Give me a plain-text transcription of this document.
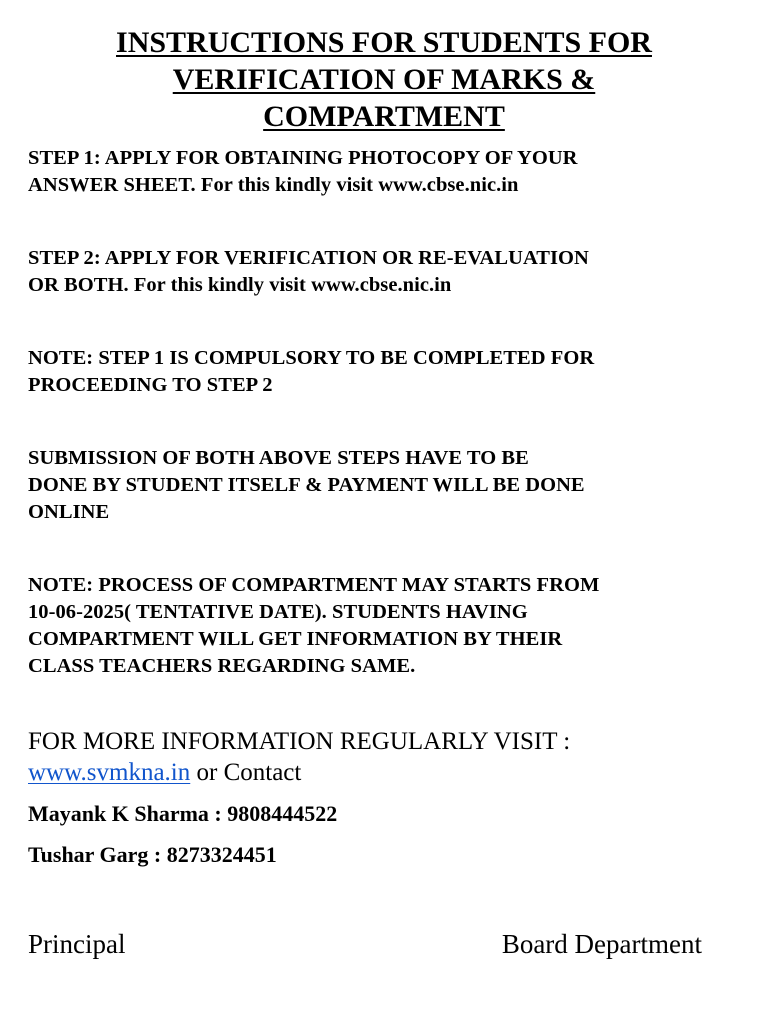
INSTRUCTIONS FOR STUDENTS FOR
VERIFICATION OF MARKS &
COMPARTMENT

STEP 1: APPLY FOR OBTAINING PHOTOCOPY OF YOUR
ANSWER SHEET. For this kindly visit www.cbse.nic.in

STEP 2: APPLY FOR VERIFICATION OR RE-EVALUATION
OR BOTH. For this kindly visit www.cbse.nic.in

NOTE: STEP 1 IS COMPULSORY TO BE COMPLETED FOR
PROCEEDING TO STEP 2

SUBMISSION OF BOTH ABOVE STEPS HAVE TO BE
DONE BY STUDENT ITSELF & PAYMENT WILL BE DONE
ONLINE

NOTE: PROCESS OF COMPARTMENT MAY STARTS FROM
10-06-2025( TENTATIVE DATE). STUDENTS HAVING
COMPARTMENT WILL GET INFORMATION BY THEIR
CLASS TEACHERS REGARDING SAME.

FOR MORE INFORMATION REGULARLY VISIT :
www.svmkna.in or Contact

Mayank K Sharma : 9808444522

Tushar Garg : 8273324451

Principal	Board Department
